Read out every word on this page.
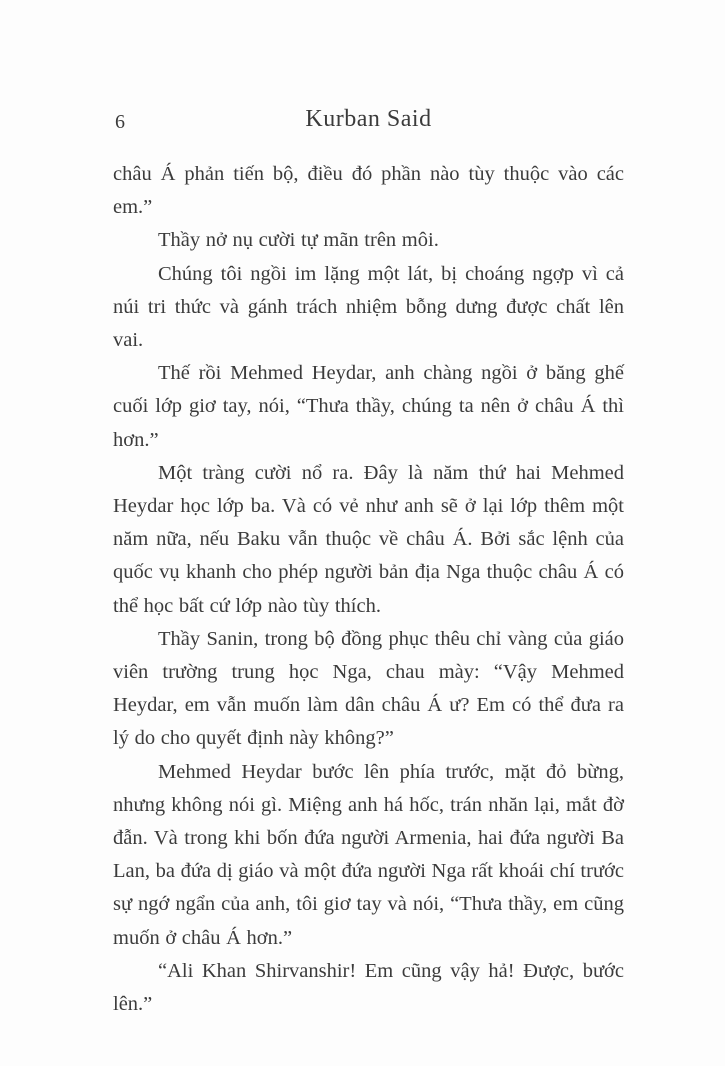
6	Kurban Said

châu Á phản tiến bộ, điều đó phần nào tùy thuộc vào các em.”

Thầy nở nụ cười tự mãn trên môi.

Chúng tôi ngồi im lặng một lát, bị choáng ngợp vì cả núi tri thức và gánh trách nhiệm bỗng dưng được chất lên vai.

Thế rồi Mehmed Heydar, anh chàng ngồi ở băng ghế cuối lớp giơ tay, nói, “Thưa thầy, chúng ta nên ở châu Á thì hơn.”

Một tràng cười nổ ra. Đây là năm thứ hai Mehmed Heydar học lớp ba. Và có vẻ như anh sẽ ở lại lớp thêm một năm nữa, nếu Baku vẫn thuộc về châu Á. Bởi sắc lệnh của quốc vụ khanh cho phép người bản địa Nga thuộc châu Á có thể học bất cứ lớp nào tùy thích.

Thầy Sanin, trong bộ đồng phục thêu chỉ vàng của giáo viên trường trung học Nga, chau mày: “Vậy Mehmed Heydar, em vẫn muốn làm dân châu Á ư? Em có thể đưa ra lý do cho quyết định này không?”

Mehmed Heydar bước lên phía trước, mặt đỏ bừng, nhưng không nói gì. Miệng anh há hốc, trán nhăn lại, mắt đờ đẫn. Và trong khi bốn đứa người Armenia, hai đứa người Ba Lan, ba đứa dị giáo và một đứa người Nga rất khoái chí trước sự ngớ ngẩn của anh, tôi giơ tay và nói, “Thưa thầy, em cũng muốn ở châu Á hơn.”

“Ali Khan Shirvanshir! Em cũng vậy hả! Được, bước lên.”
